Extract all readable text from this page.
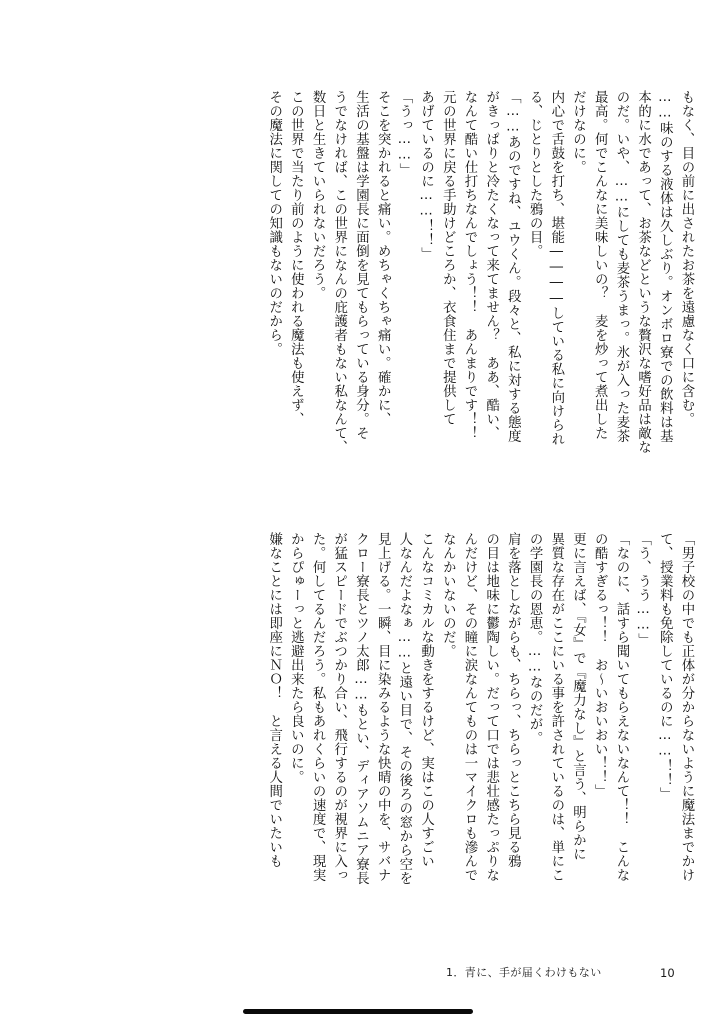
もなく、目の前に出されたお茶を遠慮なく口に含む。
……味のする液体は久しぶり。オンボロ寮での飲料は基
本的に水であって、お茶などというな贅沢な嗜好品は敵な
のだ。いや、……にしても麦茶うまっ。氷が入った麦茶
最高。何でこんなに美味しいの？　麦を炒って煮出した
だけなのに。
内心で舌鼓を打ち、堪能――――している私に向けられ
る、じとりとした鴉の目。
「……あのですね、ユウくん。段々と、私に対する態度
がきっぱりと冷たくなって来てません？　ああ、酷い、
なんて酷い仕打ちなんでしょう！！　あんまりです！！
元の世界に戻る手助けどころか、衣食住まで提供して
あげているのに……！！」
「うっ……」
そこを突かれると痛い。めちゃくちゃ痛い。確かに、
生活の基盤は学園長に面倒を見てもらっている身分。そ
うでなければ、この世界になんの庇護者もない私なんて、
数日と生きていられないだろう。
この世界で当たり前のように使われる魔法も使えず、
その魔法に関しての知識もないのだから。
「男子校の中でも正体が分からないように魔法までかけ
て、授業料も免除しているのに……！！」
「う、うう……」
「なのに、話すら聞いてもらえないなんて！！　こんな
の酷すぎるっ！！　お～いおいおい！！」
更に言えば、『女』で『魔力なし』と言う、明らかに
異質な存在がここにいる事を許されているのは、単にこ
の学園長の恩恵。……なのだが。
肩を落としながらも、ちらっ、ちらっとこちら見る鴉
の目は地味に鬱陶しい。だって口では悲壮感たっぷりな
んだけど、その瞳に涙なんてものは一マイクロも滲んで
なんかいないのだ。
こんなコミカルな動きをするけど、実はこの人すごい
人なんだよなぁ……と遠い目で、その後ろの窓から空を
見上げる。一瞬、目に染みるような快晴の中を、サバナ
クロー寮長とツノ太郎……もとい、ディアソムニア寮長
が猛スピードでぶつかり合い、飛行するのが視界に入っ
た。何してるんだろう。私もあれくらいの速度で、現実
からぴゅーっと逃避出来たら良いのに。
嫌なことには即座にＮＯ！　と言える人間でいたいも
1．青に、手が届くわけもない	10
